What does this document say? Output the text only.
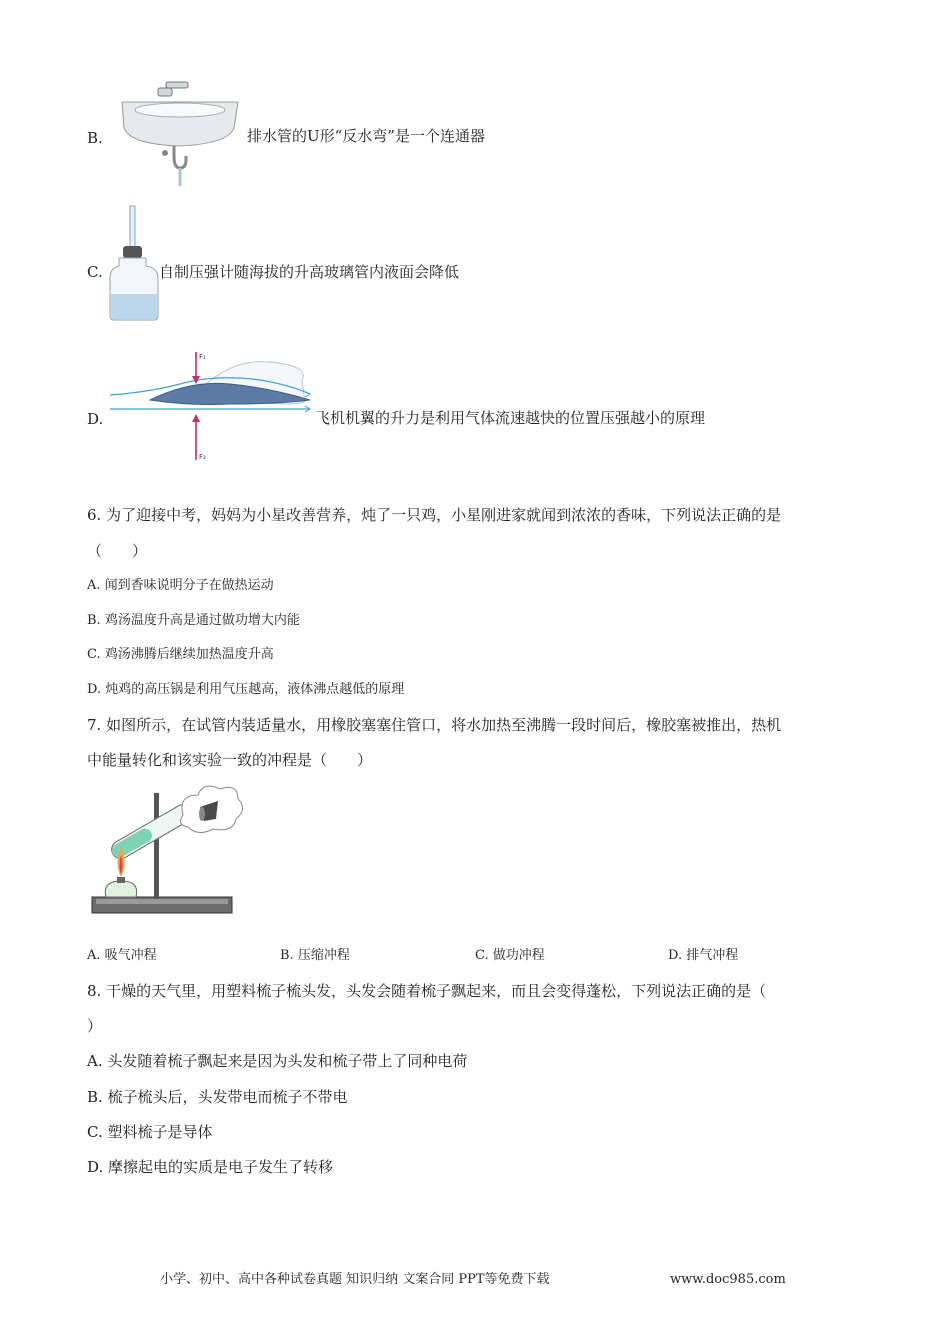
B.	排水管的U形“反水弯”是一个连通器
C.	自制压强计随海拔的升高玻璃管内液面会降低
D.
F₁
F₂
飞机机翼的升力是利用气体流速越快的位置压强越小的原理
6. 为了迎接中考，妈妈为小星改善营养，炖了一只鸡，小星刚进家就闻到浓浓的香味，下列说法正确的是
（　　）
A. 闻到香味说明分子在做热运动
B. 鸡汤温度升高是通过做功增大内能
C. 鸡汤沸腾后继续加热温度升高
D. 炖鸡的高压锅是利用气压越高，液体沸点越低的原理
7. 如图所示，在试管内装适量水，用橡胶塞塞住管口，将水加热至沸腾一段时间后，橡胶塞被推出，热机
中能量转化和该实验一致的冲程是（　　）
A. 吸气冲程	B. 压缩冲程	C. 做功冲程	D. 排气冲程
8. 干燥的天气里，用塑料梳子梳头发，头发会随着梳子飘起来，而且会变得蓬松，下列说法正确的是（
）
A. 头发随着梳子飘起来是因为头发和梳子带上了同种电荷
B. 梳子梳头后，头发带电而梳子不带电
C. 塑料梳子是导体
D. 摩擦起电的实质是电子发生了转移
小学、初中、高中各种试卷真题 知识归纳 文案合同 PPT等免费下载	www.doc985.com
